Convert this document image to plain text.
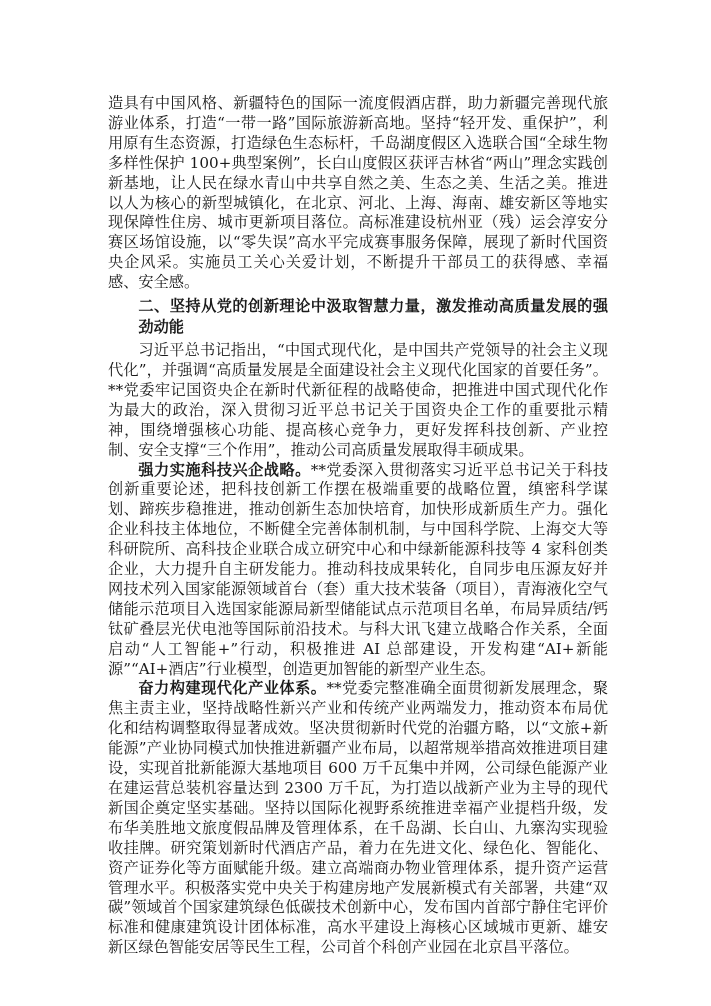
造具有中国风格、新疆特色的国际一流度假酒店群，助力新疆完善现代旅游业体系，打造“一带一路”国际旅游新高地。坚持“轻开发、重保护”，利用原有生态资源，打造绿色生态标杆，千岛湖度假区入选联合国“全球生物多样性保护 100+典型案例”，长白山度假区获评吉林省“两山”理念实践创新基地，让人民在绿水青山中共享自然之美、生态之美、生活之美。推进以人为核心的新型城镇化，在北京、河北、上海、海南、雄安新区等地实现保障性住房、城市更新项目落位。高标准建设杭州亚（残）运会淳安分赛区场馆设施，以“零失误”高水平完成赛事服务保障，展现了新时代国资央企风采。实施员工关心关爱计划，不断提升干部员工的获得感、幸福感、安全感。

二、坚持从党的创新理论中汲取智慧力量，激发推动高质量发展的强劲动能

习近平总书记指出，“中国式现代化，是中国共产党领导的社会主义现代化”，并强调“高质量发展是全面建设社会主义现代化国家的首要任务”。**党委牢记国资央企在新时代新征程的战略使命，把推进中国式现代化作为最大的政治，深入贯彻习近平总书记关于国资央企工作的重要批示精神，围绕增强核心功能、提高核心竞争力，更好发挥科技创新、产业控制、安全支撑“三个作用”，推动公司高质量发展取得丰硕成果。

强力实施科技兴企战略。**党委深入贯彻落实习近平总书记关于科技创新重要论述，把科技创新工作摆在极端重要的战略位置，缜密科学谋划、蹄疾步稳推进，推动创新生态加快培育，加快形成新质生产力。强化企业科技主体地位，不断健全完善体制机制，与中国科学院、上海交大等科研院所、高科技企业联合成立研究中心和中绿新能源科技等 4 家科创类企业，大力提升自主研发能力。推动科技成果转化，自同步电压源友好并网技术列入国家能源领域首台（套）重大技术装备（项目），青海液化空气储能示范项目入选国家能源局新型储能试点示范项目名单，布局异质结/钙钛矿叠层光伏电池等国际前沿技术。与科大讯飞建立战略合作关系，全面启动“人工智能+”行动，积极推进 AI 总部建设，开发构建“AI+新能源”“AI+酒店”行业模型，创造更加智能的新型产业生态。

奋力构建现代化产业体系。**党委完整准确全面贯彻新发展理念，聚焦主责主业，坚持战略性新兴产业和传统产业两端发力，推动资本布局优化和结构调整取得显著成效。坚决贯彻新时代党的治疆方略，以“文旅+新能源”产业协同模式加快推进新疆产业布局，以超常规举措高效推进项目建设，实现首批新能源大基地项目 600 万千瓦集中并网，公司绿色能源产业在建运营总装机容量达到 2300 万千瓦，为打造以战新产业为主导的现代新国企奠定坚实基础。坚持以国际化视野系统推进幸福产业提档升级，发布华美胜地文旅度假品牌及管理体系，在千岛湖、长白山、九寨沟实现验收挂牌。研究策划新时代酒店产品，着力在先进文化、绿色化、智能化、资产证券化等方面赋能升级。建立高端商办物业管理体系，提升资产运营管理水平。积极落实党中央关于构建房地产发展新模式有关部署，共建“双碳”领域首个国家建筑绿色低碳技术创新中心，发布国内首部宁静住宅评价标准和健康建筑设计团体标准，高水平建设上海核心区域城市更新、雄安新区绿色智能安居等民生工程，公司首个科创产业园在北京昌平落位。
